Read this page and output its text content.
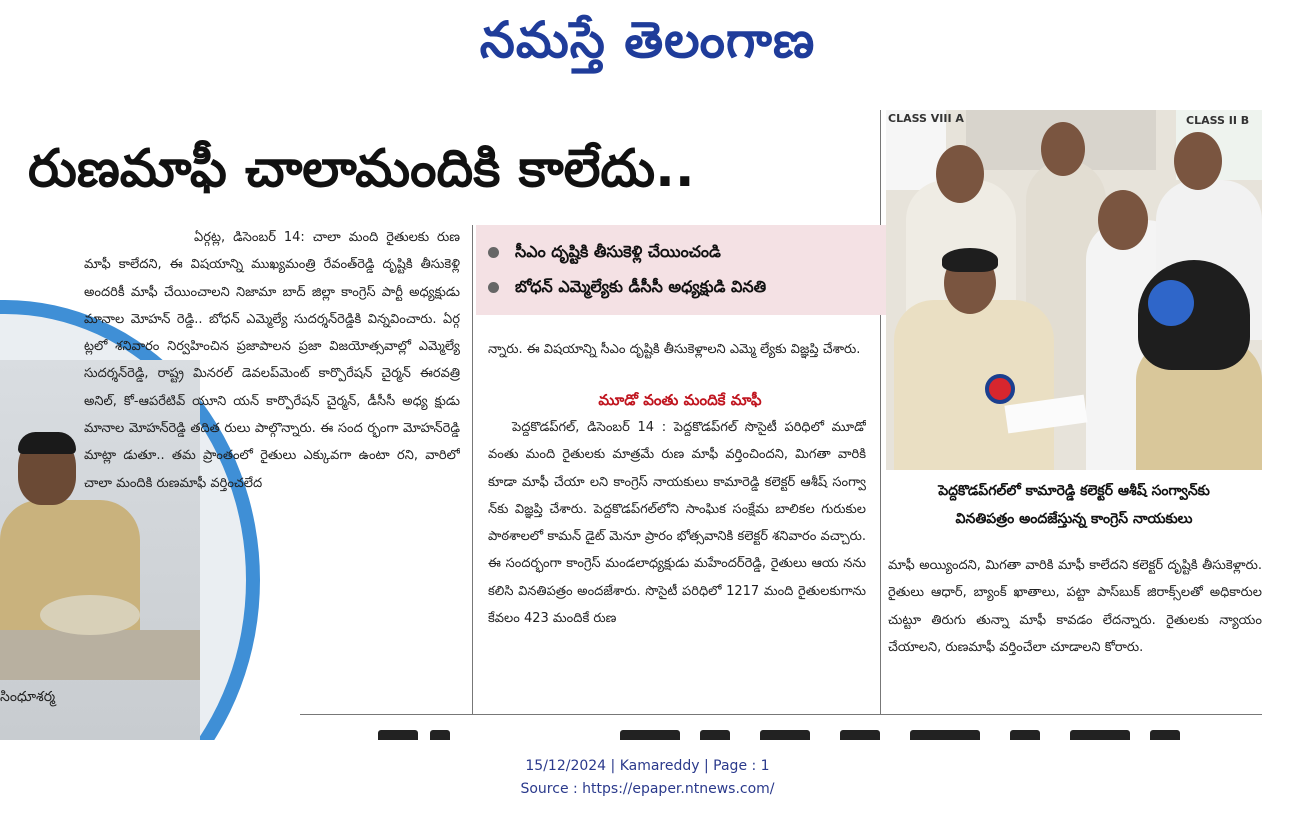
నమస్తే తెలంగాణ
రుణమాఫీ చాలామందికి కాలేదు..
సింధూశర్మ

ఏర్గట్ల, డిసెంబర్ 14: చాలా మంది రైతులకు రుణ మాఫీ కాలేదని, ఈ విషయాన్ని ముఖ్యమంత్రి రేవంత్‌రెడ్డి దృష్టికి తీసుకెళ్లి అందరికీ మాఫీ చేయించాలని నిజామా బాద్ జిల్లా కాంగ్రెస్ పార్టీ అధ్యక్షుడు మానాల మోహన్ రెడ్డి.. బోధన్ ఎమ్మెల్యే సుదర్శన్‌రెడ్డికి విన్నవించారు. ఏర్గ ట్లలో శనివారం నిర్వహించిన ప్రజాపాలన ప్రజా విజయోత్సవాల్లో ఎమ్మెల్యే సుదర్శన్‌రెడ్డి, రాష్ట్ర మినరల్ డెవలప్‌మెంట్ కార్పొరేషన్ చైర్మన్ ఈరవత్రి అనిల్, కో-ఆపరేటివ్ యూని యన్ కార్పొరేషన్ చైర్మన్, డీసీసీ అధ్య క్షుడు మానాల మోహన్‌రెడ్డి తదిత రులు పాల్గొన్నారు. ఈ సంద ర్భంగా మోహన్‌రెడ్డి మాట్లా డుతూ.. తమ ప్రాంతంలో రైతులు ఎక్కువగా ఉంటా రని, వారిలో చాలా మందికి రుణమాఫీ వర్తించలేద

సీఎం దృష్టికి తీసుకెళ్లి చేయించండి
బోధన్ ఎమ్మెల్యేకు డీసీసీ అధ్యక్షుడి వినతి

న్నారు. ఈ విషయాన్ని సీఎం దృష్టికి తీసుకెళ్లాలని ఎమ్మె ల్యేకు విజ్ఞప్తి చేశారు.

మూడో వంతు మందికే మాఫీ

పెద్దకొడప్‌గల్, డిసెంబర్ 14 : పెద్దకొడప్‌గల్ సొసైటీ పరిధిలో మూడో వంతు మంది రైతులకు మాత్రమే రుణ మాఫీ వర్తించిందని, మిగతా వారికి కూడా మాఫీ చేయా లని కాంగ్రెస్ నాయకులు కామారెడ్డి కలెక్టర్ ఆశీష్ సంగ్వా న్‌కు విజ్ఞప్తి చేశారు. పెద్దకొడప్‌గల్‌లోని సాంఘిక సంక్షేమ బాలికల గురుకుల పాఠశాలలో కామన్ డైట్ మెనూ ప్రారం భోత్సవానికి కలెక్టర్ శనివారం వచ్చారు. ఈ సందర్భంగా కాంగ్రెస్ మండలాధ్యక్షుడు మహేందర్‌రెడ్డి, రైతులు ఆయ నను కలిసి వినతిపత్రం అందజేశారు. సొసైటీ పరిధిలో 1217 మంది రైతులకుగాను కేవలం 423 మందికే రుణ

CLASS VIII A	CLASS II B
పెద్దకొడప్‌గల్‌లో కామారెడ్డి కలెక్టర్ ఆశీష్ సంగ్వాన్‌కు
వినతిపత్రం అందజేస్తున్న కాంగ్రెస్ నాయకులు

మాఫీ అయ్యిందని, మిగతా వారికి మాఫీ కాలేదని కలెక్టర్ దృష్టికి తీసుకెళ్లారు. రైతులు ఆధార్, బ్యాంక్ ఖాతాలు, పట్టా పాస్‌బుక్ జిరాక్స్‌లతో అధికారుల చుట్టూ తిరుగు తున్నా మాఫీ కావడం లేదన్నారు. రైతులకు న్యాయం చేయాలని, రుణమాఫీ వర్తించేలా చూడాలని కోరారు.

15/12/2024 | Kamareddy | Page : 1
Source : https://epaper.ntnews.com/
